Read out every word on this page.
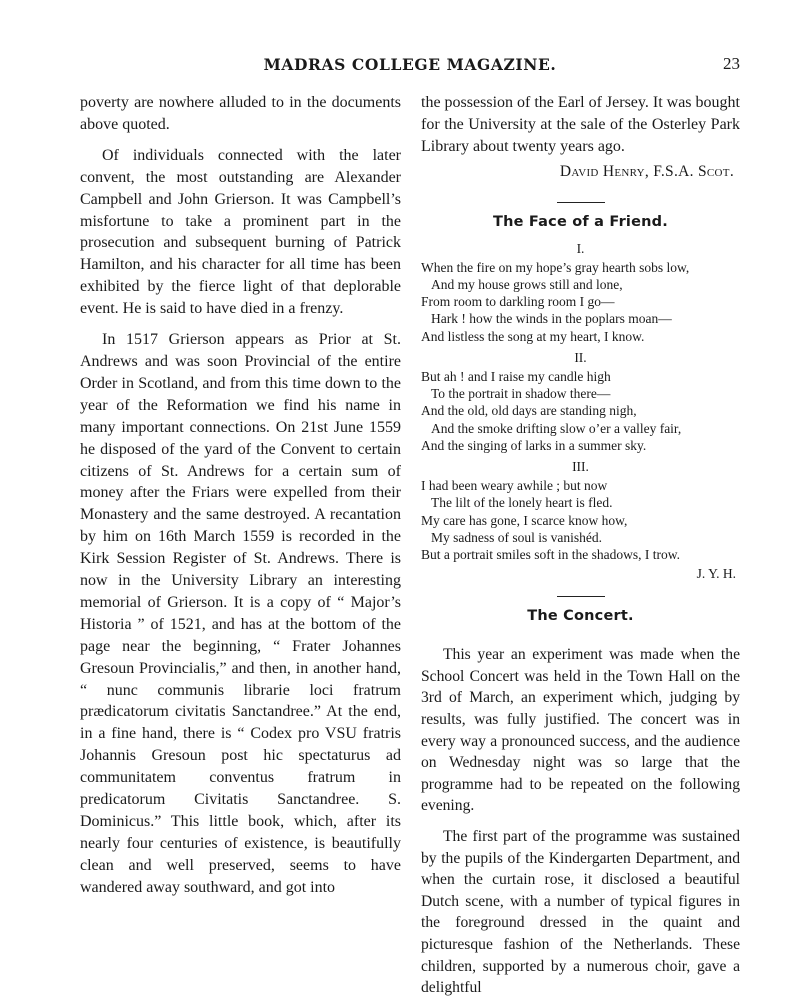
MADRAS COLLEGE MAGAZINE.	23

poverty are nowhere alluded to in the documents above quoted.

Of individuals connected with the later convent, the most outstanding are Alexander Campbell and John Grierson. It was Campbell’s misfortune to take a prominent part in the prosecution and subsequent burning of Patrick Hamilton, and his character for all time has been exhibited by the fierce light of that deplorable event. He is said to have died in a frenzy.

In 1517 Grierson appears as Prior at St. Andrews and was soon Provincial of the entire Order in Scotland, and from this time down to the year of the Reformation we find his name in many important connections. On 21st June 1559 he disposed of the yard of the Convent to certain citizens of St. Andrews for a certain sum of money after the Friars were expelled from their Monastery and the same destroyed. A recantation by him on 16th March 1559 is recorded in the Kirk Session Register of St. Andrews. There is now in the University Library an interesting memorial of Grierson. It is a copy of “ Major’s Historia ” of 1521, and has at the bottom of the page near the beginning, “ Frater Johannes Gresoun Provincialis,” and then, in another hand, “ nunc communis librarie loci fratrum prædicatorum civitatis Sanctandree.” At the end, in a fine hand, there is “ Codex pro VSU fratris Johannis Gresoun post hic spectaturus ad communitatem conventus fratrum in predicatorum Civitatis Sanctandree. S. Dominicus.” This little book, which, after its nearly four centuries of existence, is beautifully clean and well preserved, seems to have wandered away southward, and got into

the possession of the Earl of Jersey. It was bought for the University at the sale of the Osterley Park Library about twenty years ago.

David Henry, F.S.A. Scot.
The Face of a Friend.
I.
When the fire on my hope’s gray hearth sobs low,
And my house grows still and lone,
From room to darkling room I go—
Hark ! how the winds in the poplars moan—
And listless the song at my heart, I know.
II.
But ah ! and I raise my candle high
To the portrait in shadow there—
And the old, old days are standing nigh,
And the smoke drifting slow o’er a valley fair,
And the singing of larks in a summer sky.
III.
I had been weary awhile ; but now
The lilt of the lonely heart is fled.
My care has gone, I scarce know how,
My sadness of soul is vanishéd.
But a portrait smiles soft in the shadows, I trow.
J. Y. H.
The Concert.

This year an experiment was made when the School Concert was held in the Town Hall on the 3rd of March, an experiment which, judging by results, was fully justified. The concert was in every way a pronounced success, and the audience on Wednesday night was so large that the programme had to be repeated on the following evening.

The first part of the programme was sustained by the pupils of the Kindergarten Department, and when the curtain rose, it disclosed a beautiful Dutch scene, with a number of typical figures in the foreground dressed in the quaint and picturesque fashion of the Netherlands. These children, supported by a numerous choir, gave a delightful
